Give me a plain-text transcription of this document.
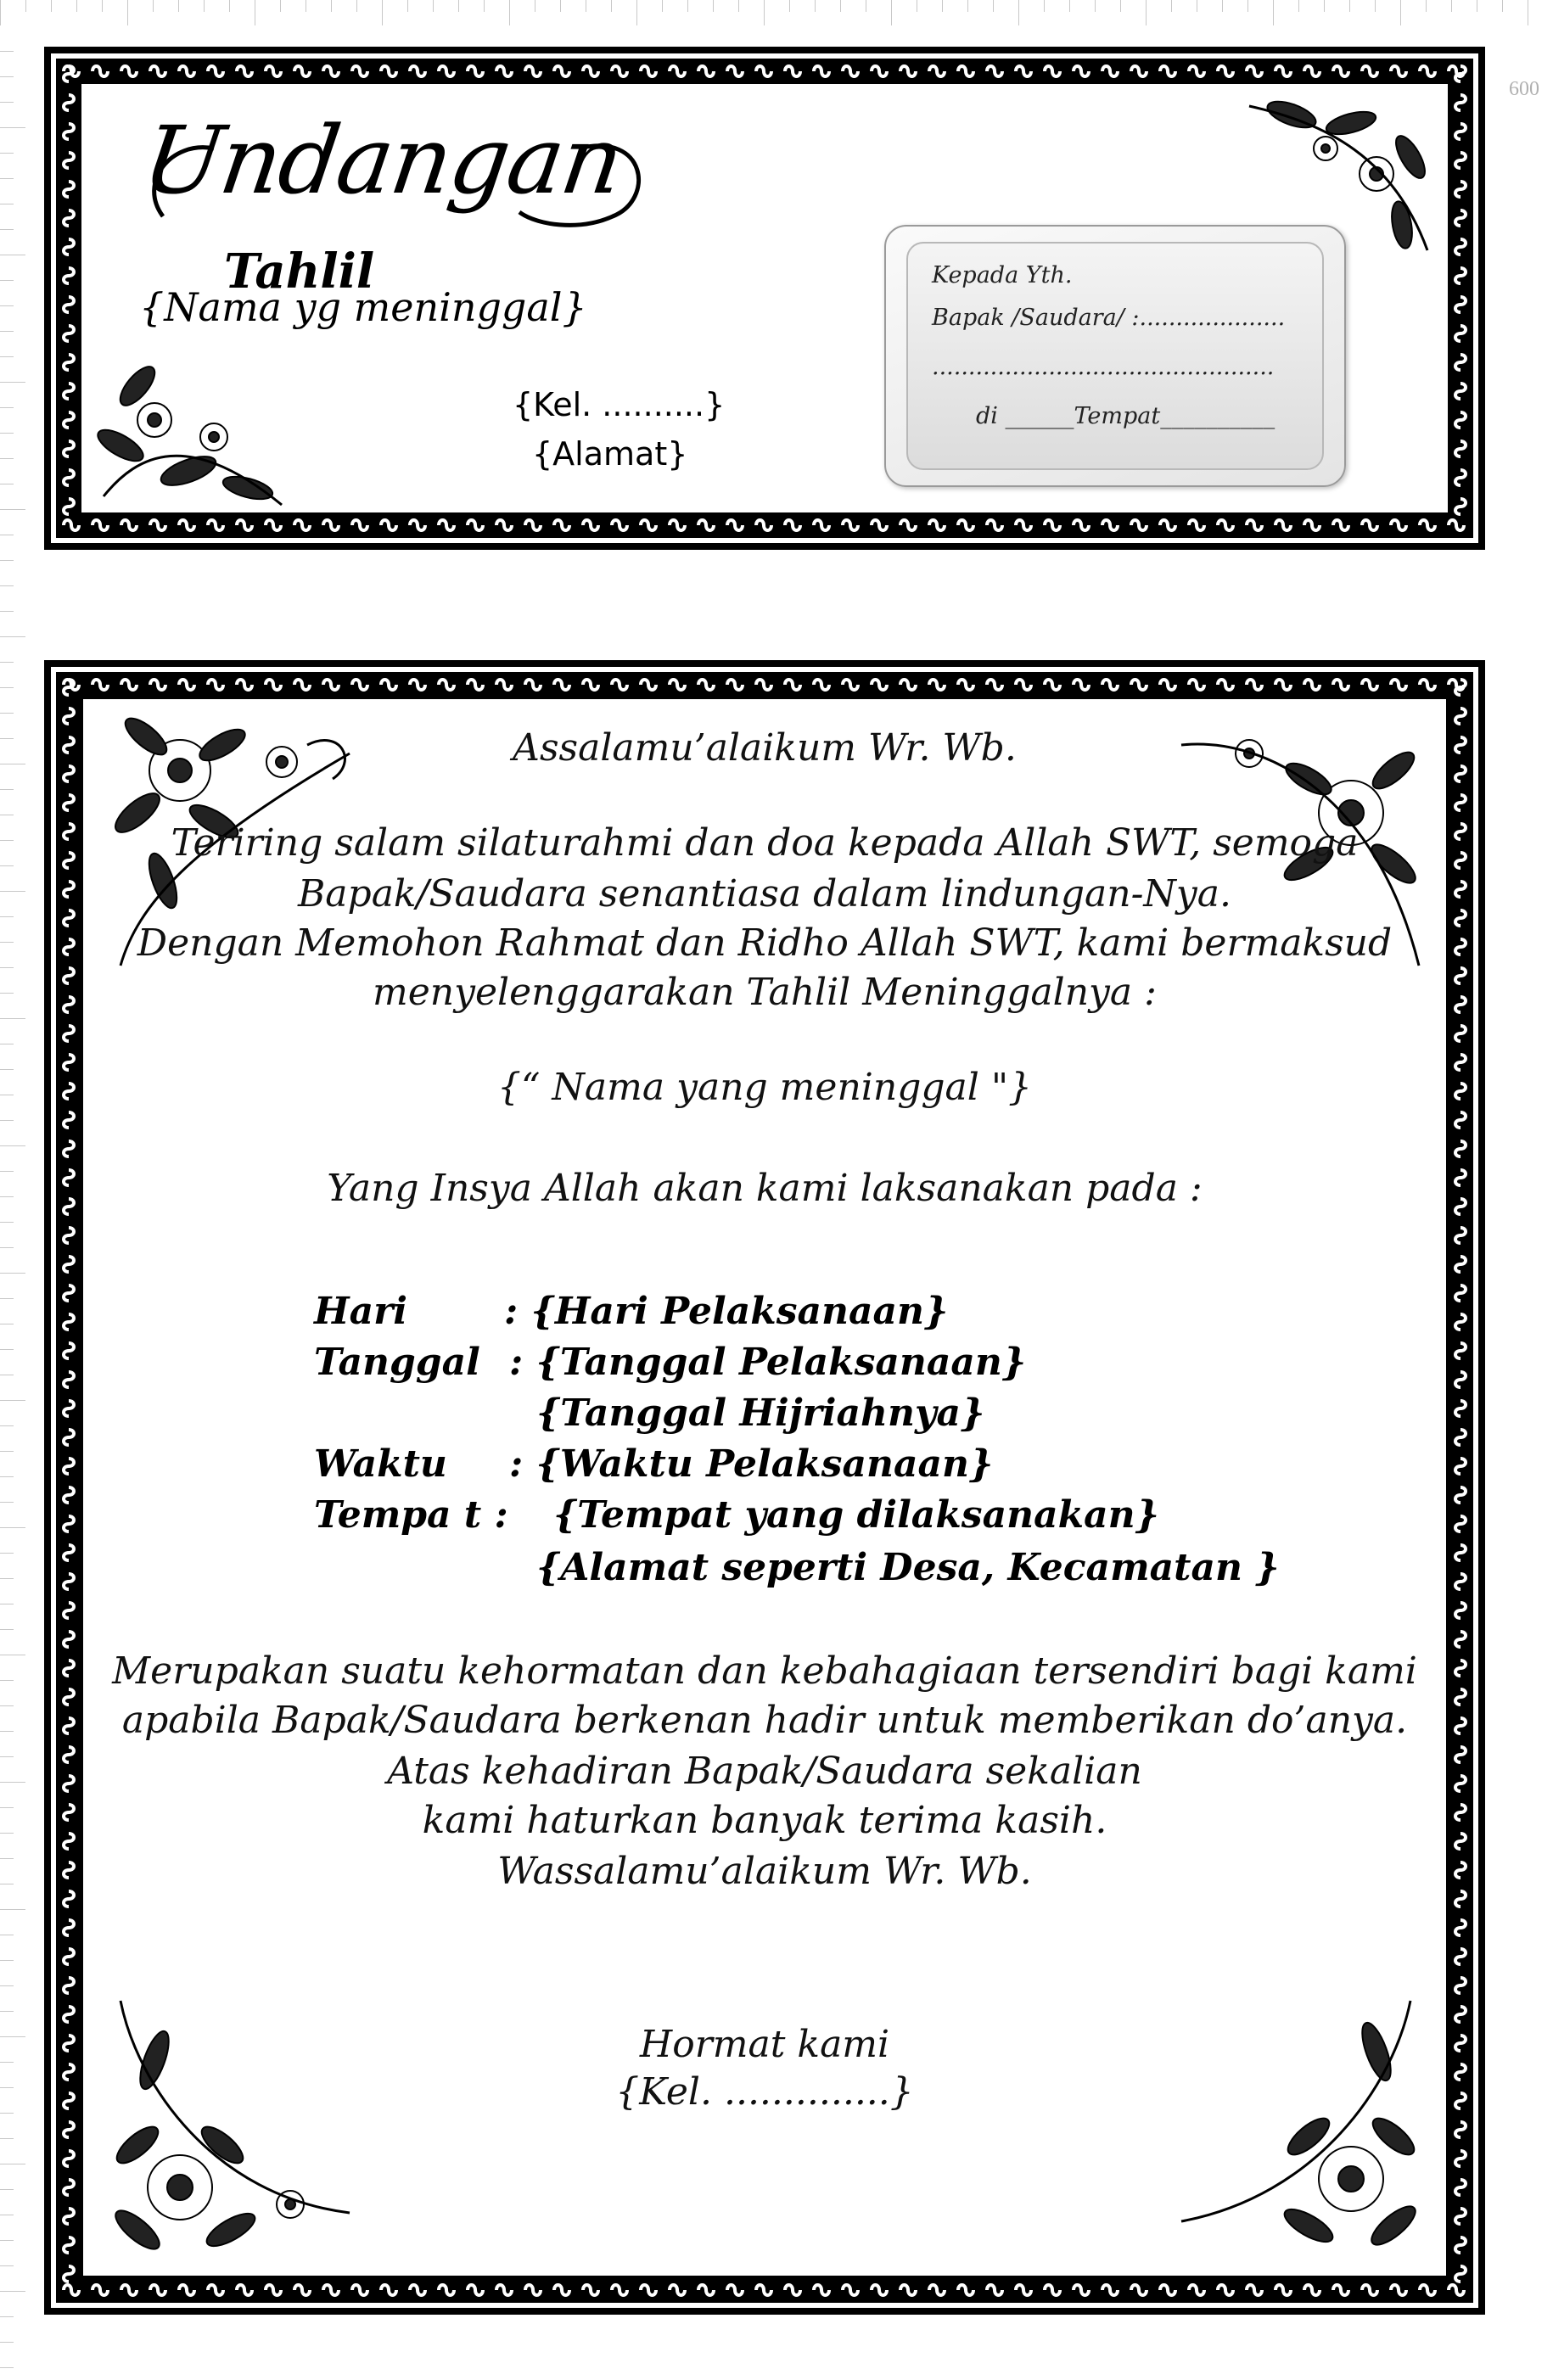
600
Undangan
Tahlil
{Nama yg meninggal}
{Kel. ..........}
{Alamat}
Kepada Yth.
Bapak /Saudara/ :....................
...............................................
di ______Tempat__________
Assalamu’alaikum Wr. Wb.
Teriring salam silaturahmi dan doa kepada Allah SWT, semoga
Bapak/Saudara senantiasa dalam lindungan-Nya.
Dengan Memohon Rahmat dan Ridho Allah SWT, kami bermaksud
menyelenggarakan Tahlil Meninggalnya :
{“ Nama yang meninggal "}
Yang Insya Allah akan kami laksanakan pada :
Hari	: {Hari Pelaksanaan}
Tanggal : {Tanggal Pelaksanaan}
{Tanggal Hijriahnya}
Waktu : {Waktu Pelaksanaan}
Tempa t : {Tempat yang dilaksanakan}
{Alamat seperti Desa, Kecamatan }
Merupakan suatu kehormatan dan kebahagiaan tersendiri bagi kami
apabila Bapak/Saudara berkenan hadir untuk memberikan do’anya.
Atas kehadiran Bapak/Saudara sekalian
kami haturkan banyak terima kasih.
Wassalamu’alaikum Wr. Wb.
Hormat kami
{Kel. ..............}
